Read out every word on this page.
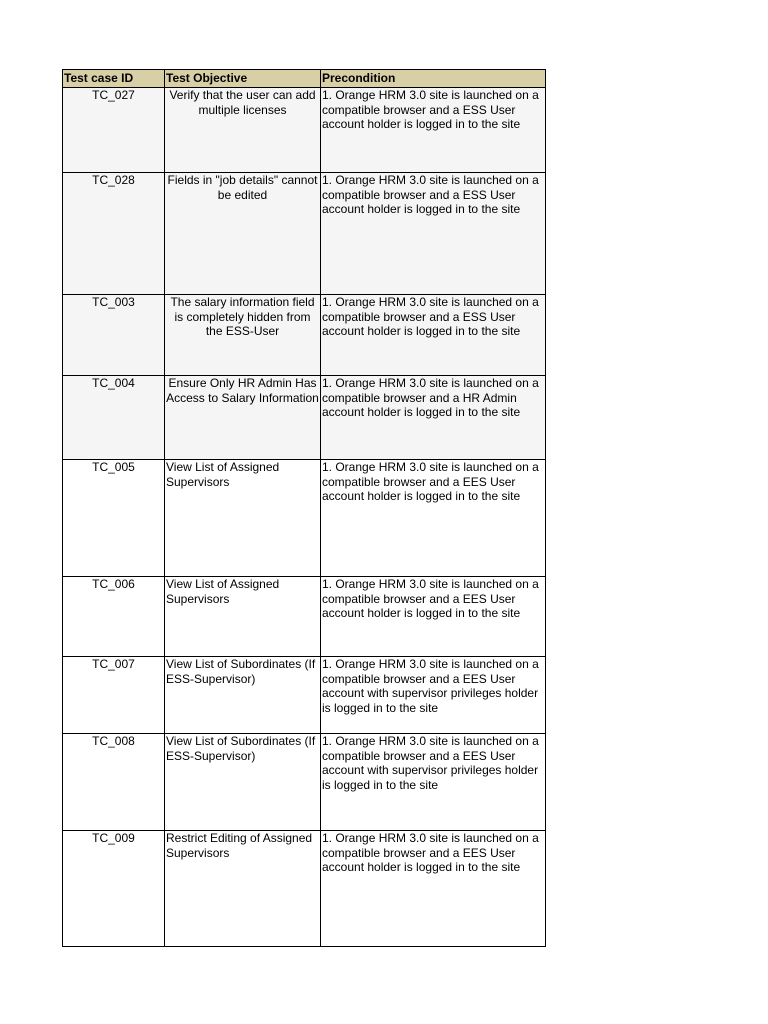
Test case ID	Test Objective	Precondition
TC_027	Verify that the user can add multiple licenses	1. Orange HRM 3.0 site is launched on a compatible browser and a ESS User account holder is logged in to the site
TC_028	Fields in "job details" cannot be edited	1. Orange HRM 3.0 site is launched on a compatible browser and a ESS User account holder is logged in to the site
TC_003	The salary information field is completely hidden from the ESS-User	1. Orange HRM 3.0 site is launched on a compatible browser and a ESS User account holder is logged in to the site
TC_004	Ensure Only HR Admin Has Access to Salary Information	1. Orange HRM 3.0 site is launched on a compatible browser and a HR Admin account holder is logged in to the site
TC_005	View List of Assigned Supervisors	1. Orange HRM 3.0 site is launched on a compatible browser and a EES User account holder is logged in to the site
TC_006	View List of Assigned Supervisors	1. Orange HRM 3.0 site is launched on a compatible browser and a EES User account holder is logged in to the site
TC_007	View List of Subordinates (If ESS-Supervisor)	1. Orange HRM 3.0 site is launched on a compatible browser and a EES User account with supervisor privileges holder is logged in to the site
TC_008	View List of Subordinates (If ESS-Supervisor)	1. Orange HRM 3.0 site is launched on a compatible browser and a EES User account with supervisor privileges holder is logged in to the site
TC_009	Restrict Editing of Assigned Supervisors	1. Orange HRM 3.0 site is launched on a compatible browser and a EES User account holder is logged in to the site
